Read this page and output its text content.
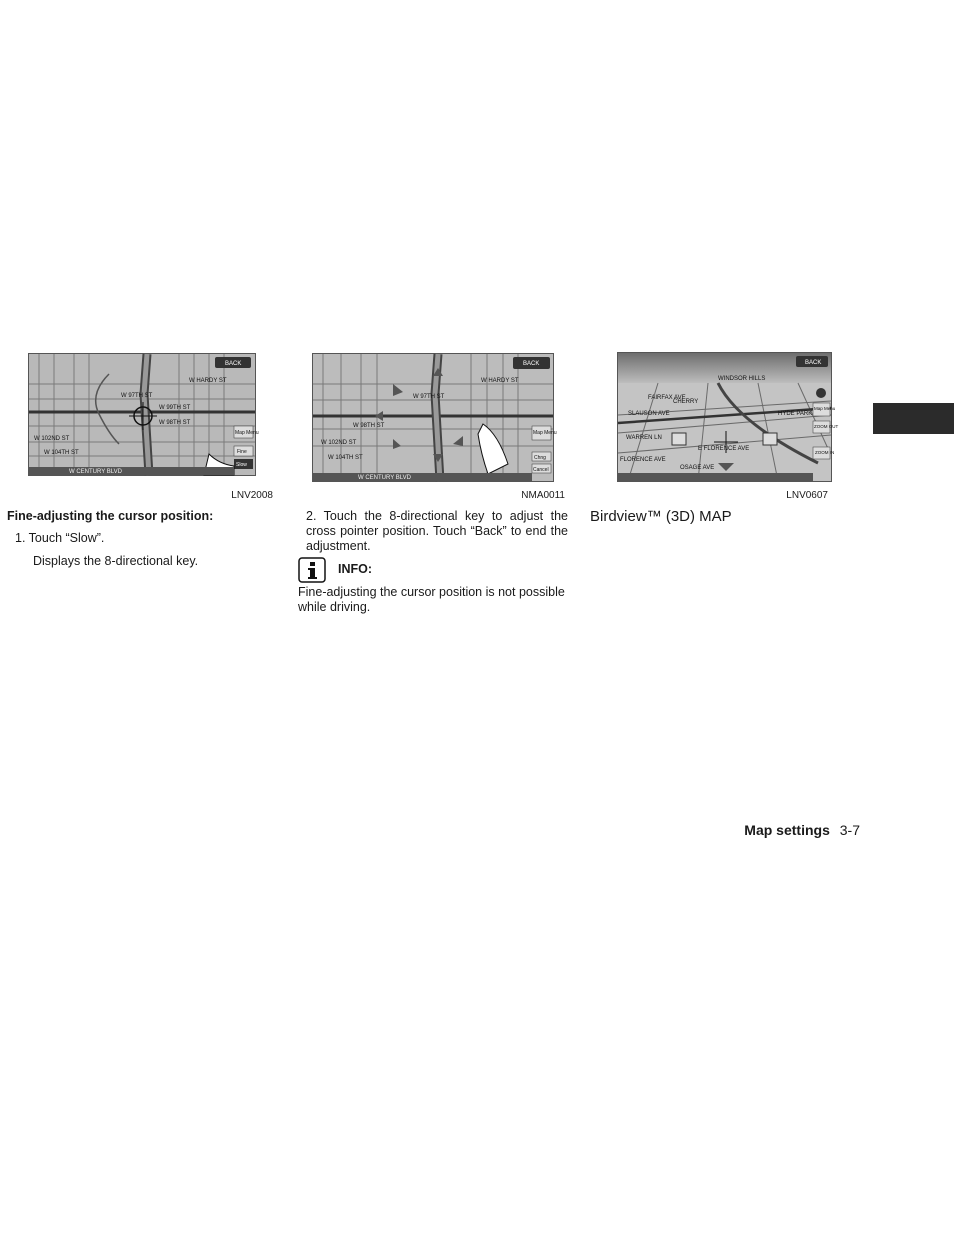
BACK
Map Menu
Fine
Slow
W HARDY ST
W 97TH ST
W 99TH ST
W 98TH ST
W 102ND ST
W 104TH ST
W CENTURY BLVD
LNV2008
BACK
Map Menu
Chng
Cancel
W HARDY ST
W 97TH ST
W 98TH ST
W 102ND ST
W 104TH ST
W CENTURY BLVD
NMA0011
BACK
Map Menu
ZOOM OUT
ZOOM IN
WINDSOR HILLS
FAIRFAX AVE
SLAUSON AVE	HYDE PARK
WARREN LN
FLORENCE AVE
E FLORENCE AVE
OSAGE AVE
CHERRY
LNV0607
Fine-adjusting the cursor position:
1. Touch “Slow”.
Displays the 8-directional key.
2. Touch the 8-directional key to adjust the cross pointer position. Touch “Back” to end the adjustment.
INFO:
Fine-adjusting the cursor position is not possible while driving.
Birdview™ (3D) MAP
Map settings 3-7
